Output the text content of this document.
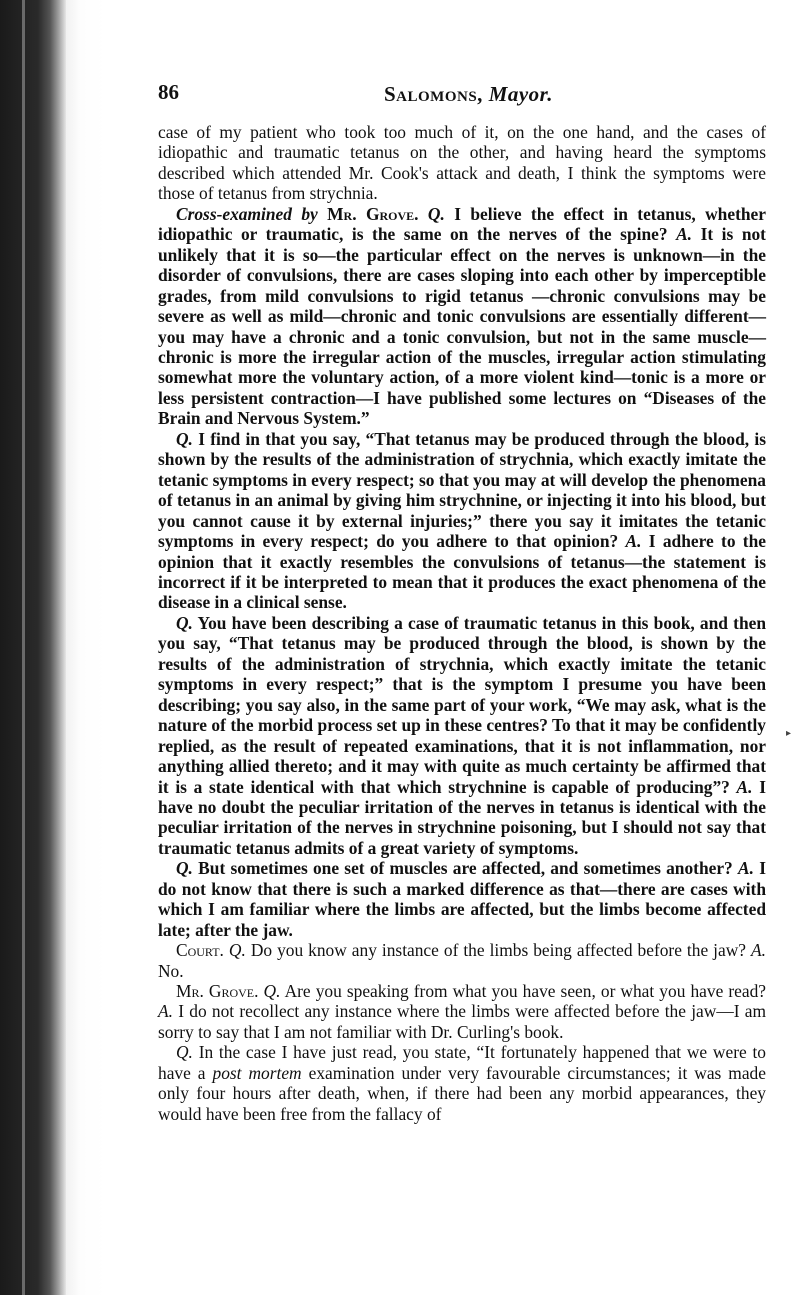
86	Salomons, Mayor.

case of my patient who took too much of it, on the one hand, and the cases of idiopathic and traumatic tetanus on the other, and having heard the symptoms described which attended Mr. Cook's attack and death, I think the symptoms were those of tetanus from strychnia.

Cross-examined by Mr. Grove. Q. I believe the effect in tetanus, whether idiopathic or traumatic, is the same on the nerves of the spine? A. It is not unlikely that it is so—the particular effect on the nerves is unknown—in the disorder of convulsions, there are cases sloping into each other by imperceptible grades, from mild convulsions to rigid tetanus —chronic convulsions may be severe as well as mild—chronic and tonic convulsions are essentially different—you may have a chronic and a tonic convulsion, but not in the same muscle—chronic is more the irregular action of the muscles, irregular action stimulating somewhat more the voluntary action, of a more violent kind—tonic is a more or less persistent contraction—I have published some lectures on “Diseases of the Brain and Nervous System.”

Q. I find in that you say, “That tetanus may be produced through the blood, is shown by the results of the administration of strychnia, which exactly imitate the tetanic symptoms in every respect; so that you may at will develop the phenomena of tetanus in an animal by giving him strychnine, or injecting it into his blood, but you cannot cause it by external injuries;” there you say it imitates the tetanic symptoms in every respect; do you adhere to that opinion? A. I adhere to the opinion that it exactly resembles the convulsions of tetanus—the statement is incorrect if it be interpreted to mean that it produces the exact phenomena of the disease in a clinical sense.

Q. You have been describing a case of traumatic tetanus in this book, and then you say, “That tetanus may be produced through the blood, is shown by the results of the administration of strychnia, which exactly imitate the tetanic symptoms in every respect;” that is the symptom I presume you have been describing; you say also, in the same part of your work, “We may ask, what is the nature of the morbid process set up in these centres? To that it may be confidently replied, as the result of repeated examinations, that it is not inflammation, nor anything allied thereto; and it may with quite as much certainty be affirmed that it is a state identical with that which strychnine is capable of producing”? A. I have no doubt the peculiar irritation of the nerves in tetanus is identical with the peculiar irritation of the nerves in strychnine poisoning, but I should not say that traumatic tetanus admits of a great variety of symptoms.

Q. But sometimes one set of muscles are affected, and sometimes another? A. I do not know that there is such a marked difference as that—there are cases with which I am familiar where the limbs are affected, but the limbs become affected late; after the jaw.

Court. Q. Do you know any instance of the limbs being affected before the jaw? A. No.

Mr. Grove. Q. Are you speaking from what you have seen, or what you have read? A. I do not recollect any instance where the limbs were affected before the jaw—I am sorry to say that I am not familiar with Dr. Curling's book.

Q. In the case I have just read, you state, “It fortunately happened that we were to have a post mortem examination under very favourable circumstances; it was made only four hours after death, when, if there had been any morbid appearances, they would have been free from the fallacy of

▸
